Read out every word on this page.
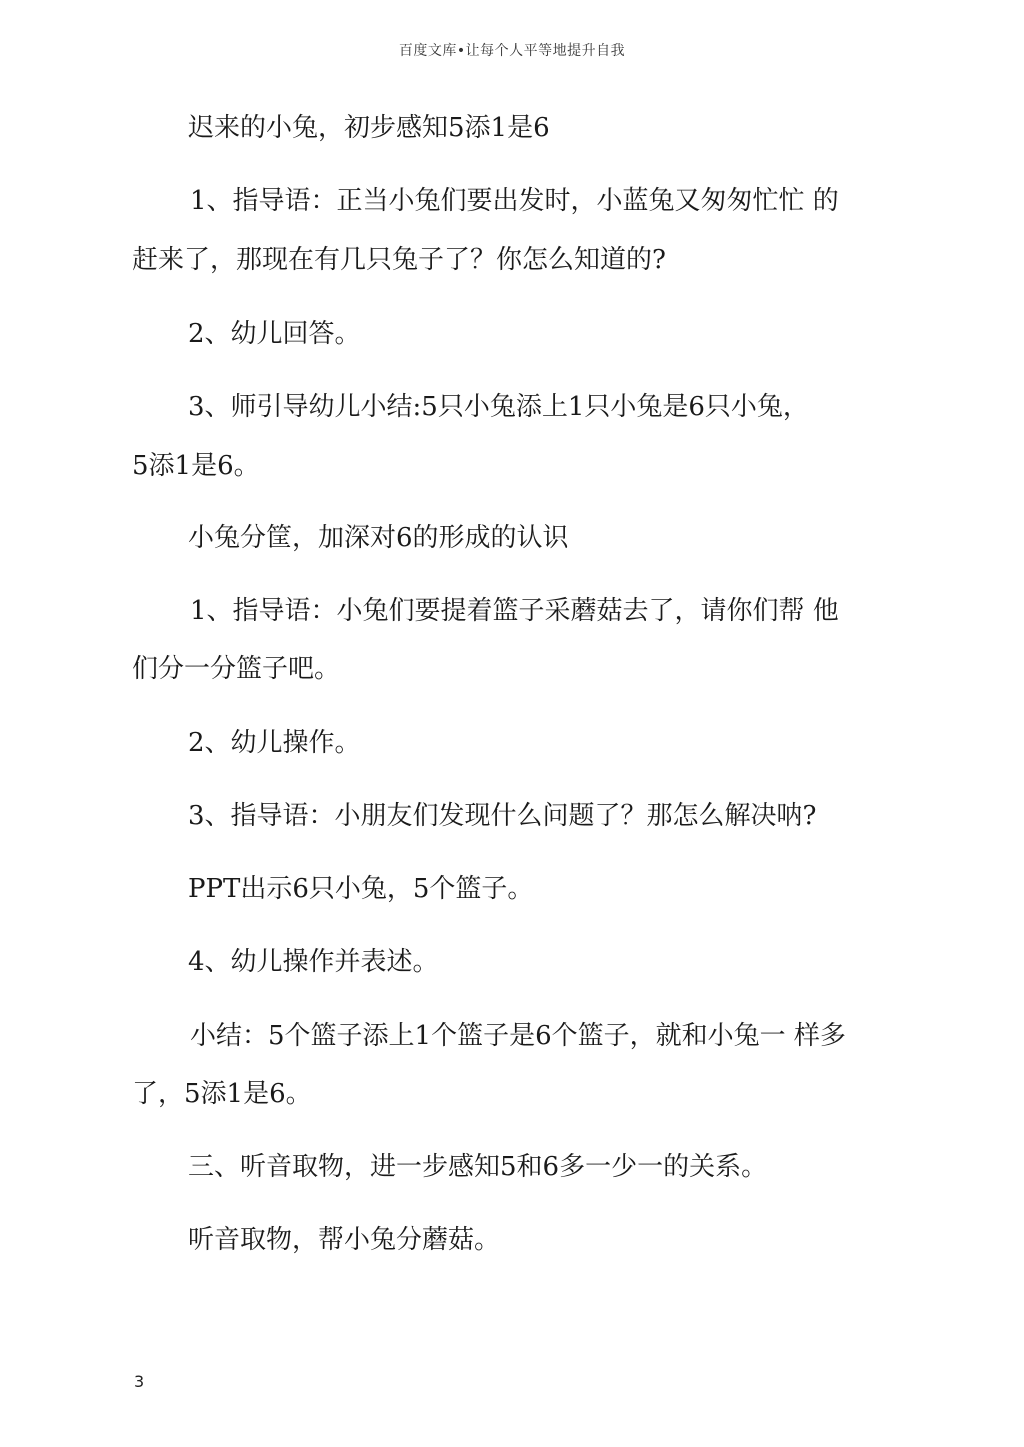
百度文库•让每个人平等地提升自我
迟来的小兔，初步感知5添1是6
1、指导语：正当小兔们要出发时，小蓝兔又匆匆忙忙 的
赶来了，那现在有几只兔子了？你怎么知道的?
2、幼儿回答。
3、师引导幼儿小结:5只小兔添上1只小兔是6只小兔，
5添1是6。
小兔分筐，加深对6的形成的认识
1、指导语：小兔们要提着篮子采蘑菇去了，请你们帮 他
们分一分篮子吧。
2、幼儿操作。
3、指导语：小朋友们发现什么问题了？那怎么解决呐?
PPT出示6只小兔，5个篮子。
4、幼儿操作并表述。
小结：5个篮子添上1个篮子是6个篮子，就和小兔一 样多
了，5添1是6。
三、听音取物，进一步感知5和6多一少一的关系。
听音取物，帮小兔分蘑菇。
3
